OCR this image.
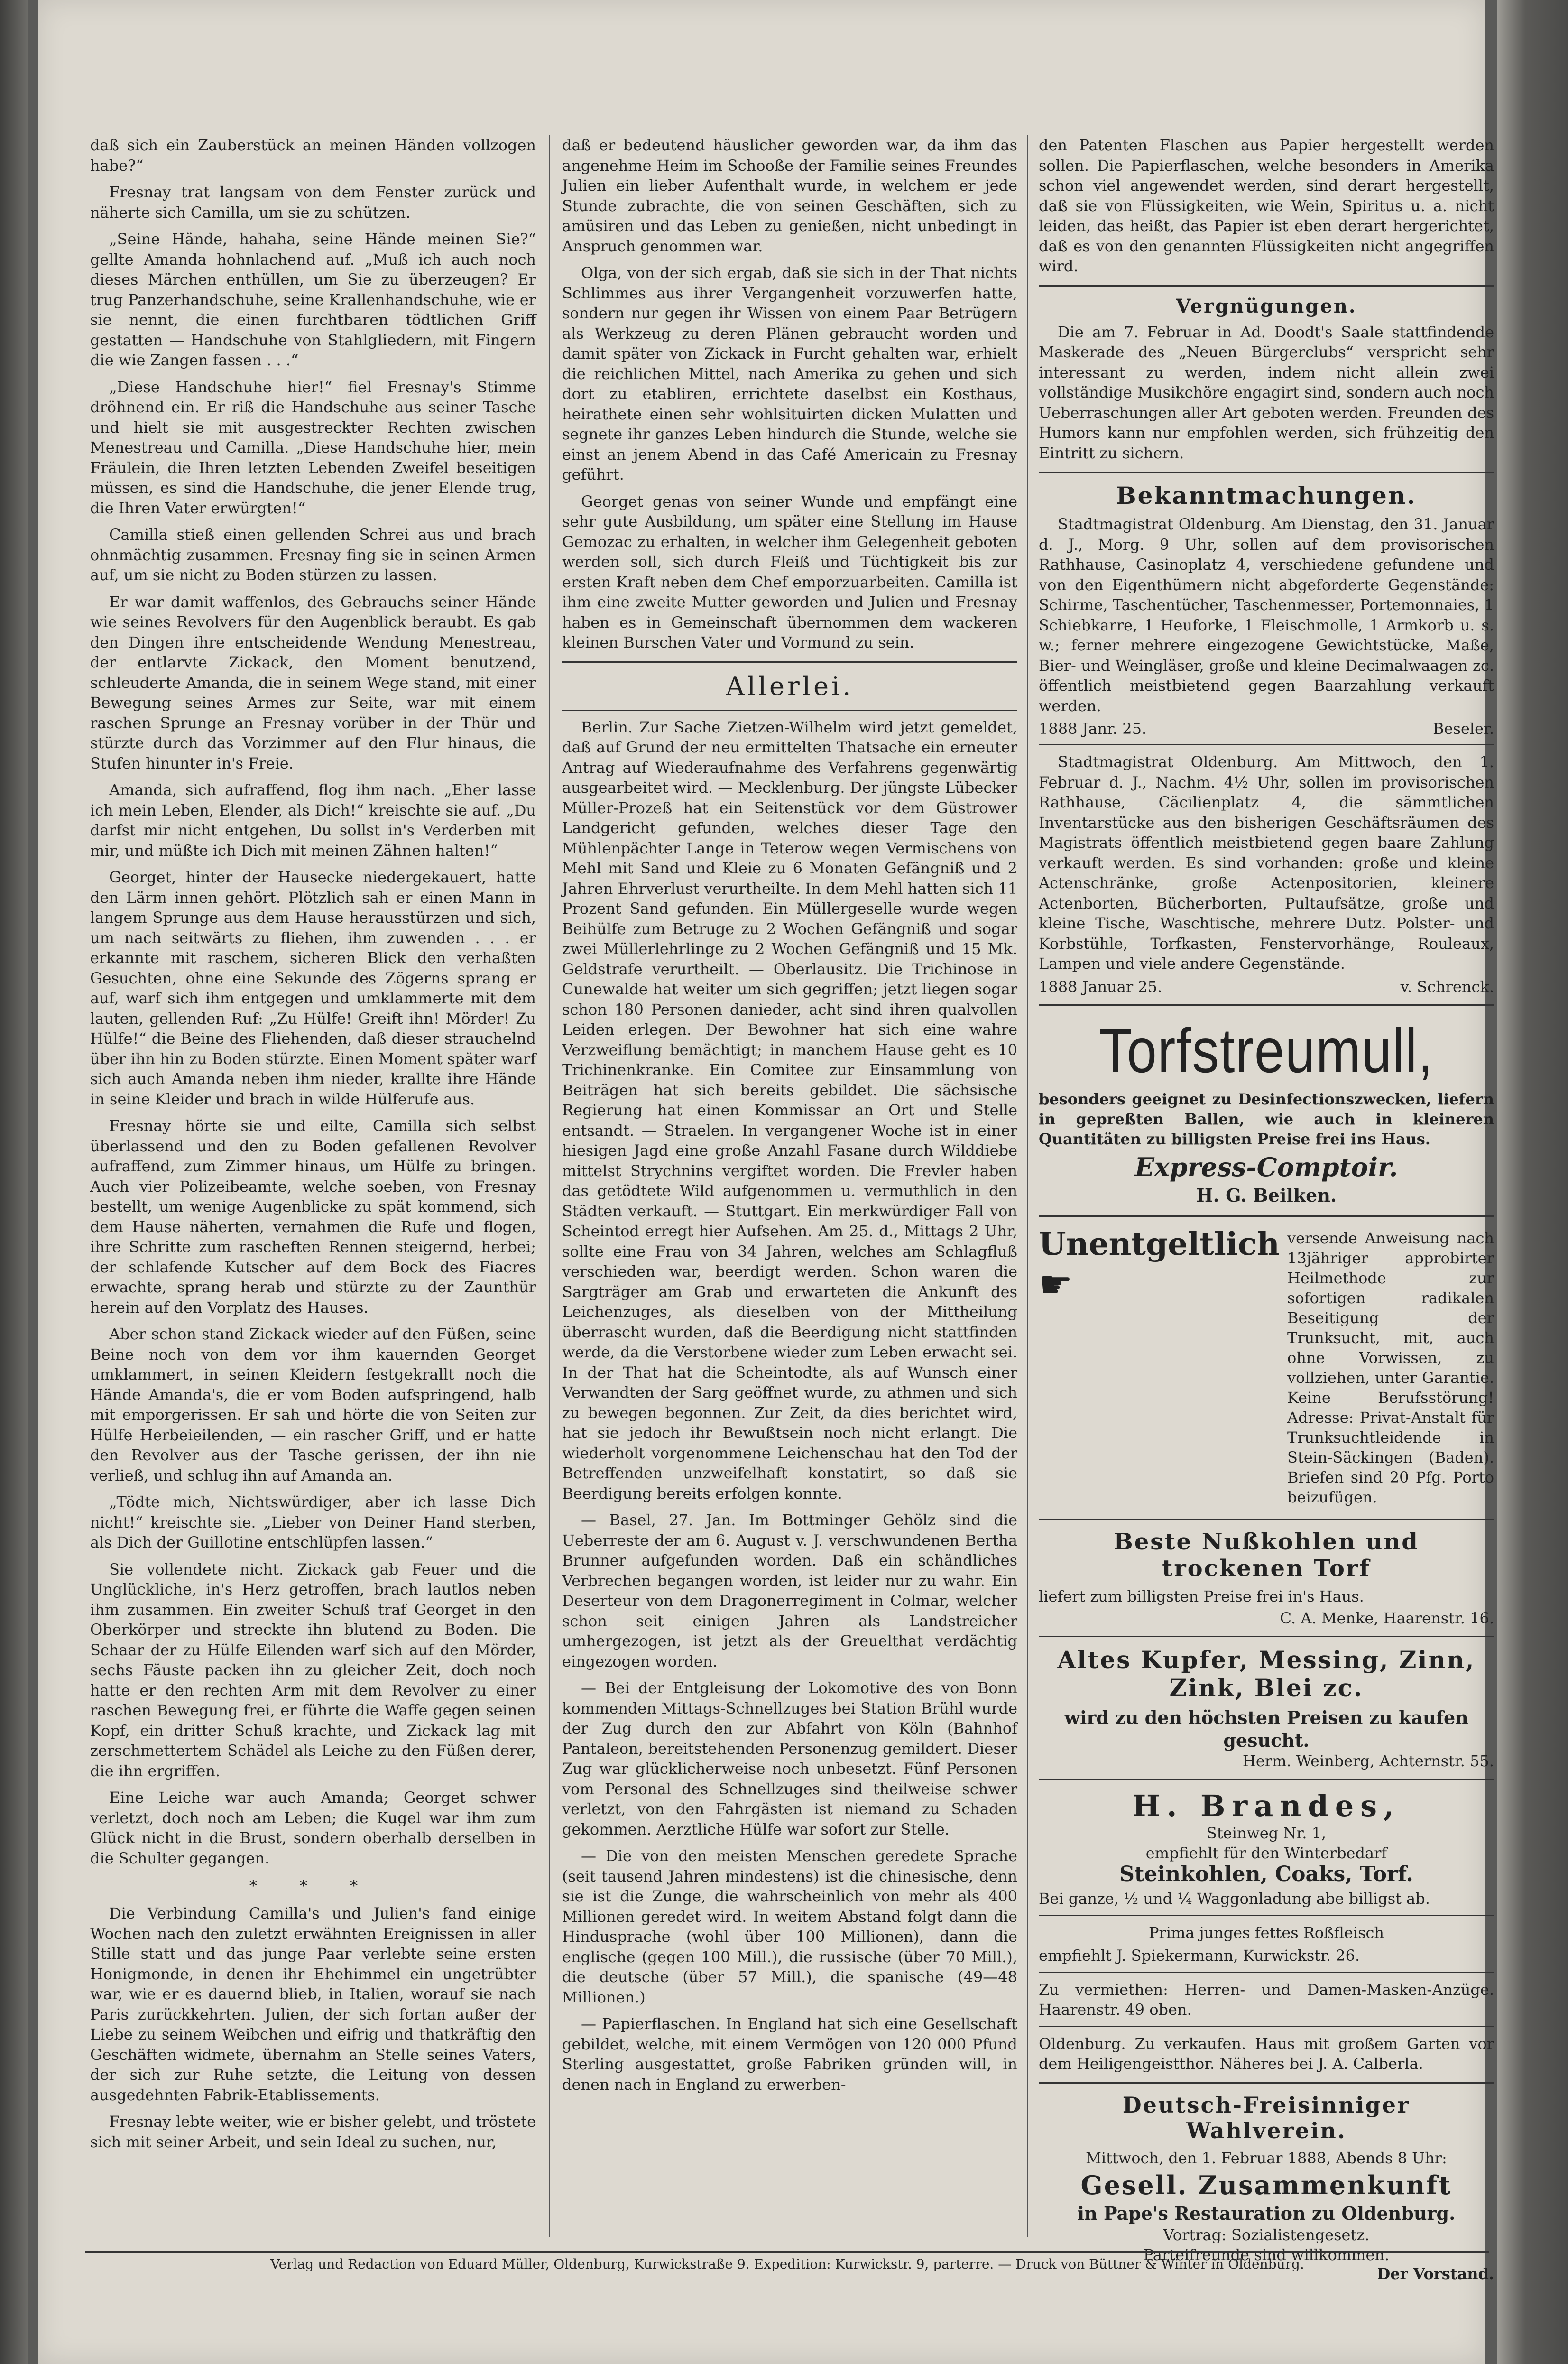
daß sich ein Zauberstück an meinen Händen vollzogen habe?“

Fresnay trat langsam von dem Fenster zurück und näherte sich Camilla, um sie zu schützen.

„Seine Hände, hahaha, seine Hände meinen Sie?“ gellte Amanda hohnlachend auf. „Muß ich auch noch dieses Märchen enthüllen, um Sie zu überzeugen? Er trug Panzerhandschuhe, seine Krallenhandschuhe, wie er sie nennt, die einen furchtbaren tödtlichen Griff gestatten — Handschuhe von Stahlgliedern, mit Fingern die wie Zangen fassen . . .“

„Diese Handschuhe hier!“ fiel Fresnay's Stimme dröhnend ein. Er riß die Handschuhe aus seiner Tasche und hielt sie mit ausgestreckter Rechten zwischen Menestreau und Camilla. „Diese Handschuhe hier, mein Fräulein, die Ihren letzten Lebenden Zweifel beseitigen müssen, es sind die Handschuhe, die jener Elende trug, die Ihren Vater erwürgten!“

Camilla stieß einen gellenden Schrei aus und brach ohnmächtig zusammen. Fresnay fing sie in seinen Armen auf, um sie nicht zu Boden stürzen zu lassen.

Er war damit waffenlos, des Gebrauchs seiner Hände wie seines Revolvers für den Augenblick beraubt. Es gab den Dingen ihre entscheidende Wendung Menestreau, der entlarvte Zickack, den Moment benutzend, schleuderte Amanda, die in seinem Wege stand, mit einer Bewegung seines Armes zur Seite, war mit einem raschen Sprunge an Fresnay vorüber in der Thür und stürzte durch das Vorzimmer auf den Flur hinaus, die Stufen hinunter in's Freie.

Amanda, sich aufraffend, flog ihm nach. „Eher lasse ich mein Leben, Elender, als Dich!“ kreischte sie auf. „Du darfst mir nicht entgehen, Du sollst in's Verderben mit mir, und müßte ich Dich mit meinen Zähnen halten!“

Georget, hinter der Hausecke niedergekauert, hatte den Lärm innen gehört. Plötzlich sah er einen Mann in langem Sprunge aus dem Hause herausstürzen und sich, um nach seitwärts zu fliehen, ihm zuwenden . . . er erkannte mit raschem, sicheren Blick den verhaßten Gesuchten, ohne eine Sekunde des Zögerns sprang er auf, warf sich ihm entgegen und umklammerte mit dem lauten, gellenden Ruf: „Zu Hülfe! Greift ihn! Mörder! Zu Hülfe!“ die Beine des Fliehenden, daß dieser strauchelnd über ihn hin zu Boden stürzte. Einen Moment später warf sich auch Amanda neben ihm nieder, krallte ihre Hände in seine Kleider und brach in wilde Hülferufe aus.

Fresnay hörte sie und eilte, Camilla sich selbst überlassend und den zu Boden gefallenen Revolver aufraffend, zum Zimmer hinaus, um Hülfe zu bringen. Auch vier Polizeibeamte, welche soeben, von Fresnay bestellt, um wenige Augenblicke zu spät kommend, sich dem Hause näherten, vernahmen die Rufe und flogen, ihre Schritte zum rascheften Rennen steigernd, herbei; der schlafende Kutscher auf dem Bock des Fiacres erwachte, sprang herab und stürzte zu der Zaunthür herein auf den Vorplatz des Hauses.

Aber schon stand Zickack wieder auf den Füßen, seine Beine noch von dem vor ihm kauernden Georget umklammert, in seinen Kleidern festgekrallt noch die Hände Amanda's, die er vom Boden aufspringend, halb mit emporgerissen. Er sah und hörte die von Seiten zur Hülfe Herbeieilenden, — ein rascher Griff, und er hatte den Revolver aus der Tasche gerissen, der ihn nie verließ, und schlug ihn auf Amanda an.

„Tödte mich, Nichtswürdiger, aber ich lasse Dich nicht!“ kreischte sie. „Lieber von Deiner Hand sterben, als Dich der Guillotine entschlüpfen lassen.“

Sie vollendete nicht. Zickack gab Feuer und die Unglückliche, in's Herz getroffen, brach lautlos neben ihm zusammen. Ein zweiter Schuß traf Georget in den Oberkörper und streckte ihn blutend zu Boden. Die Schaar der zu Hülfe Eilenden warf sich auf den Mörder, sechs Fäuste packen ihn zu gleicher Zeit, doch noch hatte er den rechten Arm mit dem Revolver zu einer raschen Bewegung frei, er führte die Waffe gegen seinen Kopf, ein dritter Schuß krachte, und Zickack lag mit zerschmettertem Schädel als Leiche zu den Füßen derer, die ihn ergriffen.

Eine Leiche war auch Amanda; Georget schwer verletzt, doch noch am Leben; die Kugel war ihm zum Glück nicht in die Brust, sondern oberhalb derselben in die Schulter gegangen.

* * *

Die Verbindung Camilla's und Julien's fand einige Wochen nach den zuletzt erwähnten Ereignissen in aller Stille statt und das junge Paar verlebte seine ersten Honigmonde, in denen ihr Ehehimmel ein ungetrübter war, wie er es dauernd blieb, in Italien, worauf sie nach Paris zurückkehrten. Julien, der sich fortan außer der Liebe zu seinem Weibchen und eifrig und thatkräftig den Geschäften widmete, übernahm an Stelle seines Vaters, der sich zur Ruhe setzte, die Leitung von dessen ausgedehnten Fabrik-Etablissements.

Fresnay lebte weiter, wie er bisher gelebt, und tröstete sich mit seiner Arbeit, und sein Ideal zu suchen, nur,

daß er bedeutend häuslicher geworden war, da ihm das angenehme Heim im Schooße der Familie seines Freundes Julien ein lieber Aufenthalt wurde, in welchem er jede Stunde zubrachte, die von seinen Geschäften, sich zu amüsiren und das Leben zu genießen, nicht unbedingt in Anspruch genommen war.

Olga, von der sich ergab, daß sie sich in der That nichts Schlimmes aus ihrer Vergangenheit vorzuwerfen hatte, sondern nur gegen ihr Wissen von einem Paar Betrügern als Werkzeug zu deren Plänen gebraucht worden und damit später von Zickack in Furcht gehalten war, erhielt die reichlichen Mittel, nach Amerika zu gehen und sich dort zu etabliren, errichtete daselbst ein Kosthaus, heirathete einen sehr wohlsituirten dicken Mulatten und segnete ihr ganzes Leben hindurch die Stunde, welche sie einst an jenem Abend in das Café Americain zu Fresnay geführt.

Georget genas von seiner Wunde und empfängt eine sehr gute Ausbildung, um später eine Stellung im Hause Gemozac zu erhalten, in welcher ihm Gelegenheit geboten werden soll, sich durch Fleiß und Tüchtigkeit bis zur ersten Kraft neben dem Chef emporzuarbeiten. Camilla ist ihm eine zweite Mutter geworden und Julien und Fresnay haben es in Gemeinschaft übernommen dem wackeren kleinen Burschen Vater und Vormund zu sein.

Allerlei.

Berlin. Zur Sache Zietzen-Wilhelm wird jetzt gemeldet, daß auf Grund der neu ermittelten Thatsache ein erneuter Antrag auf Wiederaufnahme des Verfahrens gegenwärtig ausgearbeitet wird. — Mecklenburg. Der jüngste Lübecker Müller-Prozeß hat ein Seitenstück vor dem Güstrower Landgericht gefunden, welches dieser Tage den Mühlenpächter Lange in Teterow wegen Vermischens von Mehl mit Sand und Kleie zu 6 Monaten Gefängniß und 2 Jahren Ehrverlust verurtheilte. In dem Mehl hatten sich 11 Prozent Sand gefunden. Ein Müllergeselle wurde wegen Beihülfe zum Betruge zu 2 Wochen Gefängniß und sogar zwei Müllerlehrlinge zu 2 Wochen Gefängniß und 15 Mk. Geldstrafe verurtheilt. — Oberlausitz. Die Trichinose in Cunewalde hat weiter um sich gegriffen; jetzt liegen sogar schon 180 Personen danieder, acht sind ihren qualvollen Leiden erlegen. Der Bewohner hat sich eine wahre Verzweiflung bemächtigt; in manchem Hause geht es 10 Trichinenkranke. Ein Comitee zur Einsammlung von Beiträgen hat sich bereits gebildet. Die sächsische Regierung hat einen Kommissar an Ort und Stelle entsandt. — Straelen. In vergangener Woche ist in einer hiesigen Jagd eine große Anzahl Fasane durch Wilddiebe mittelst Strychnins vergiftet worden. Die Frevler haben das getödtete Wild aufgenommen u. vermuthlich in den Städten verkauft. — Stuttgart. Ein merkwürdiger Fall von Scheintod erregt hier Aufsehen. Am 25. d., Mittags 2 Uhr, sollte eine Frau von 34 Jahren, welches am Schlagfluß verschieden war, beerdigt werden. Schon waren die Sargträger am Grab und erwarteten die Ankunft des Leichenzuges, als dieselben von der Mittheilung überrascht wurden, daß die Beerdigung nicht stattfinden werde, da die Verstorbene wieder zum Leben erwacht sei. In der That hat die Scheintodte, als auf Wunsch einer Verwandten der Sarg geöffnet wurde, zu athmen und sich zu bewegen begonnen. Zur Zeit, da dies berichtet wird, hat sie jedoch ihr Bewußtsein noch nicht erlangt. Die wiederholt vorgenommene Leichenschau hat den Tod der Betreffenden unzweifelhaft konstatirt, so daß sie Beerdigung bereits erfolgen konnte.

— Basel, 27. Jan. Im Bottminger Gehölz sind die Ueberreste der am 6. August v. J. verschwundenen Bertha Brunner aufgefunden worden. Daß ein schändliches Verbrechen begangen worden, ist leider nur zu wahr. Ein Deserteur von dem Dragonerregiment in Colmar, welcher schon seit einigen Jahren als Landstreicher umhergezogen, ist jetzt als der Greuelthat verdächtig eingezogen worden.

— Bei der Entgleisung der Lokomotive des von Bonn kommenden Mittags-Schnellzuges bei Station Brühl wurde der Zug durch den zur Abfahrt von Köln (Bahnhof Pantaleon, bereitstehenden Personenzug gemildert. Dieser Zug war glücklicherweise noch unbesetzt. Fünf Personen vom Personal des Schnellzuges sind theilweise schwer verletzt, von den Fahrgästen ist niemand zu Schaden gekommen. Aerztliche Hülfe war sofort zur Stelle.

— Die von den meisten Menschen geredete Sprache (seit tausend Jahren mindestens) ist die chinesische, denn sie ist die Zunge, die wahrscheinlich von mehr als 400 Millionen geredet wird. In weitem Abstand folgt dann die Hindusprache (wohl über 100 Millionen), dann die englische (gegen 100 Mill.), die russische (über 70 Mill.), die deutsche (über 57 Mill.), die spanische (49—48 Millionen.)

— Papierflaschen. In England hat sich eine Gesellschaft gebildet, welche, mit einem Vermögen von 120 000 Pfund Sterling ausgestattet, große Fabriken gründen will, in denen nach in England zu erwerben-

den Patenten Flaschen aus Papier hergestellt werden sollen. Die Papierflaschen, welche besonders in Amerika schon viel angewendet werden, sind derart hergestellt, daß sie von Flüssigkeiten, wie Wein, Spiritus u. a. nicht leiden, das heißt, das Papier ist eben derart hergerichtet, daß es von den genannten Flüssigkeiten nicht angegriffen wird.

Vergnügungen.

Die am 7. Februar in Ad. Doodt's Saale stattfindende Maskerade des „Neuen Bürgerclubs“ verspricht sehr interessant zu werden, indem nicht allein zwei vollständige Musikchöre engagirt sind, sondern auch noch Ueberraschungen aller Art geboten werden. Freunden des Humors kann nur empfohlen werden, sich frühzeitig den Eintritt zu sichern.

Bekanntmachungen.

Stadtmagistrat Oldenburg. Am Dienstag, den 31. Januar d. J., Morg. 9 Uhr, sollen auf dem provisorischen Rathhause, Casinoplatz 4, verschiedene gefundene und von den Eigenthümern nicht abgeforderte Gegenstände: Schirme, Taschentücher, Taschenmesser, Portemonnaies, 1 Schiebkarre, 1 Heuforke, 1 Fleischmolle, 1 Armkorb u. s. w.; ferner mehrere eingezogene Gewichtstücke, Maße, Bier- und Weingläser, große und kleine Decimalwaagen zc. öffentlich meistbietend gegen Baarzahlung verkauft werden.

1888 Janr. 25.	Beseler.

Stadtmagistrat Oldenburg. Am Mittwoch, den 1. Februar d. J., Nachm. 4½ Uhr, sollen im provisorischen Rathhause, Cäcilienplatz 4, die sämmtlichen Inventarstücke aus den bisherigen Geschäftsräumen des Magistrats öffentlich meistbietend gegen baare Zahlung verkauft werden. Es sind vorhanden: große und kleine Actenschränke, große Actenpositorien, kleinere Actenborten, Bücherborten, Pultaufsätze, große und kleine Tische, Waschtische, mehrere Dutz. Polster- und Korbstühle, Torfkasten, Fenstervorhänge, Rouleaux, Lampen und viele andere Gegenstände.

1888 Januar 25.	v. Schrenck.
Torfstreumull,
besonders geeignet zu Desinfectionszwecken, liefern in gepreßten Ballen, wie auch in kleineren Quantitäten zu billigsten Preise frei ins Haus.
Express-Comptoir.
H. G. Beilken.
Unentgeltlich
☛
versende Anweisung nach 13jähriger approbirter Heilmethode zur sofortigen radikalen Beseitigung der Trunksucht, mit, auch ohne Vorwissen, zu vollziehen, unter Garantie. Keine Berufsstörung! Adresse: Privat-Anstalt für Trunksuchtleidende in Stein-Säckingen (Baden). Briefen sind 20 Pfg. Porto beizufügen.
Beste Nußkohlen und trockenen Torf
liefert zum billigsten Preise frei in's Haus.
C. A. Menke, Haarenstr. 16.
Altes Kupfer, Messing, Zinn, Zink, Blei zc.
wird zu den höchsten Preisen zu kaufen gesucht.
Herm. Weinberg, Achternstr. 55.
H. Brandes,
Steinweg Nr. 1,
empfiehlt für den Winterbedarf
Steinkohlen, Coaks, Torf.
Bei ganze, ½ und ¼ Waggonladung abe billigst ab.
Prima junges fettes Roßfleisch
empfiehlt J. Spiekermann, Kurwickstr. 26.
Zu vermiethen: Herren- und Damen-Masken-Anzüge. Haarenstr. 49 oben.
Oldenburg. Zu verkaufen. Haus mit großem Garten vor dem Heiligengeistthor. Näheres bei J. A. Calberla.
Deutsch-Freisinniger Wahlverein.
Mittwoch, den 1. Februar 1888, Abends 8 Uhr:
Gesell. Zusammenkunft
in Pape's Restauration zu Oldenburg.
Vortrag: Sozialistengesetz.
Parteifreunde sind willkommen.
Der Vorstand.
Verlag und Redaction von Eduard Müller, Oldenburg, Kurwickstraße 9. Expedition: Kurwickstr. 9, parterre. — Druck von Büttner & Winter in Oldenburg.
